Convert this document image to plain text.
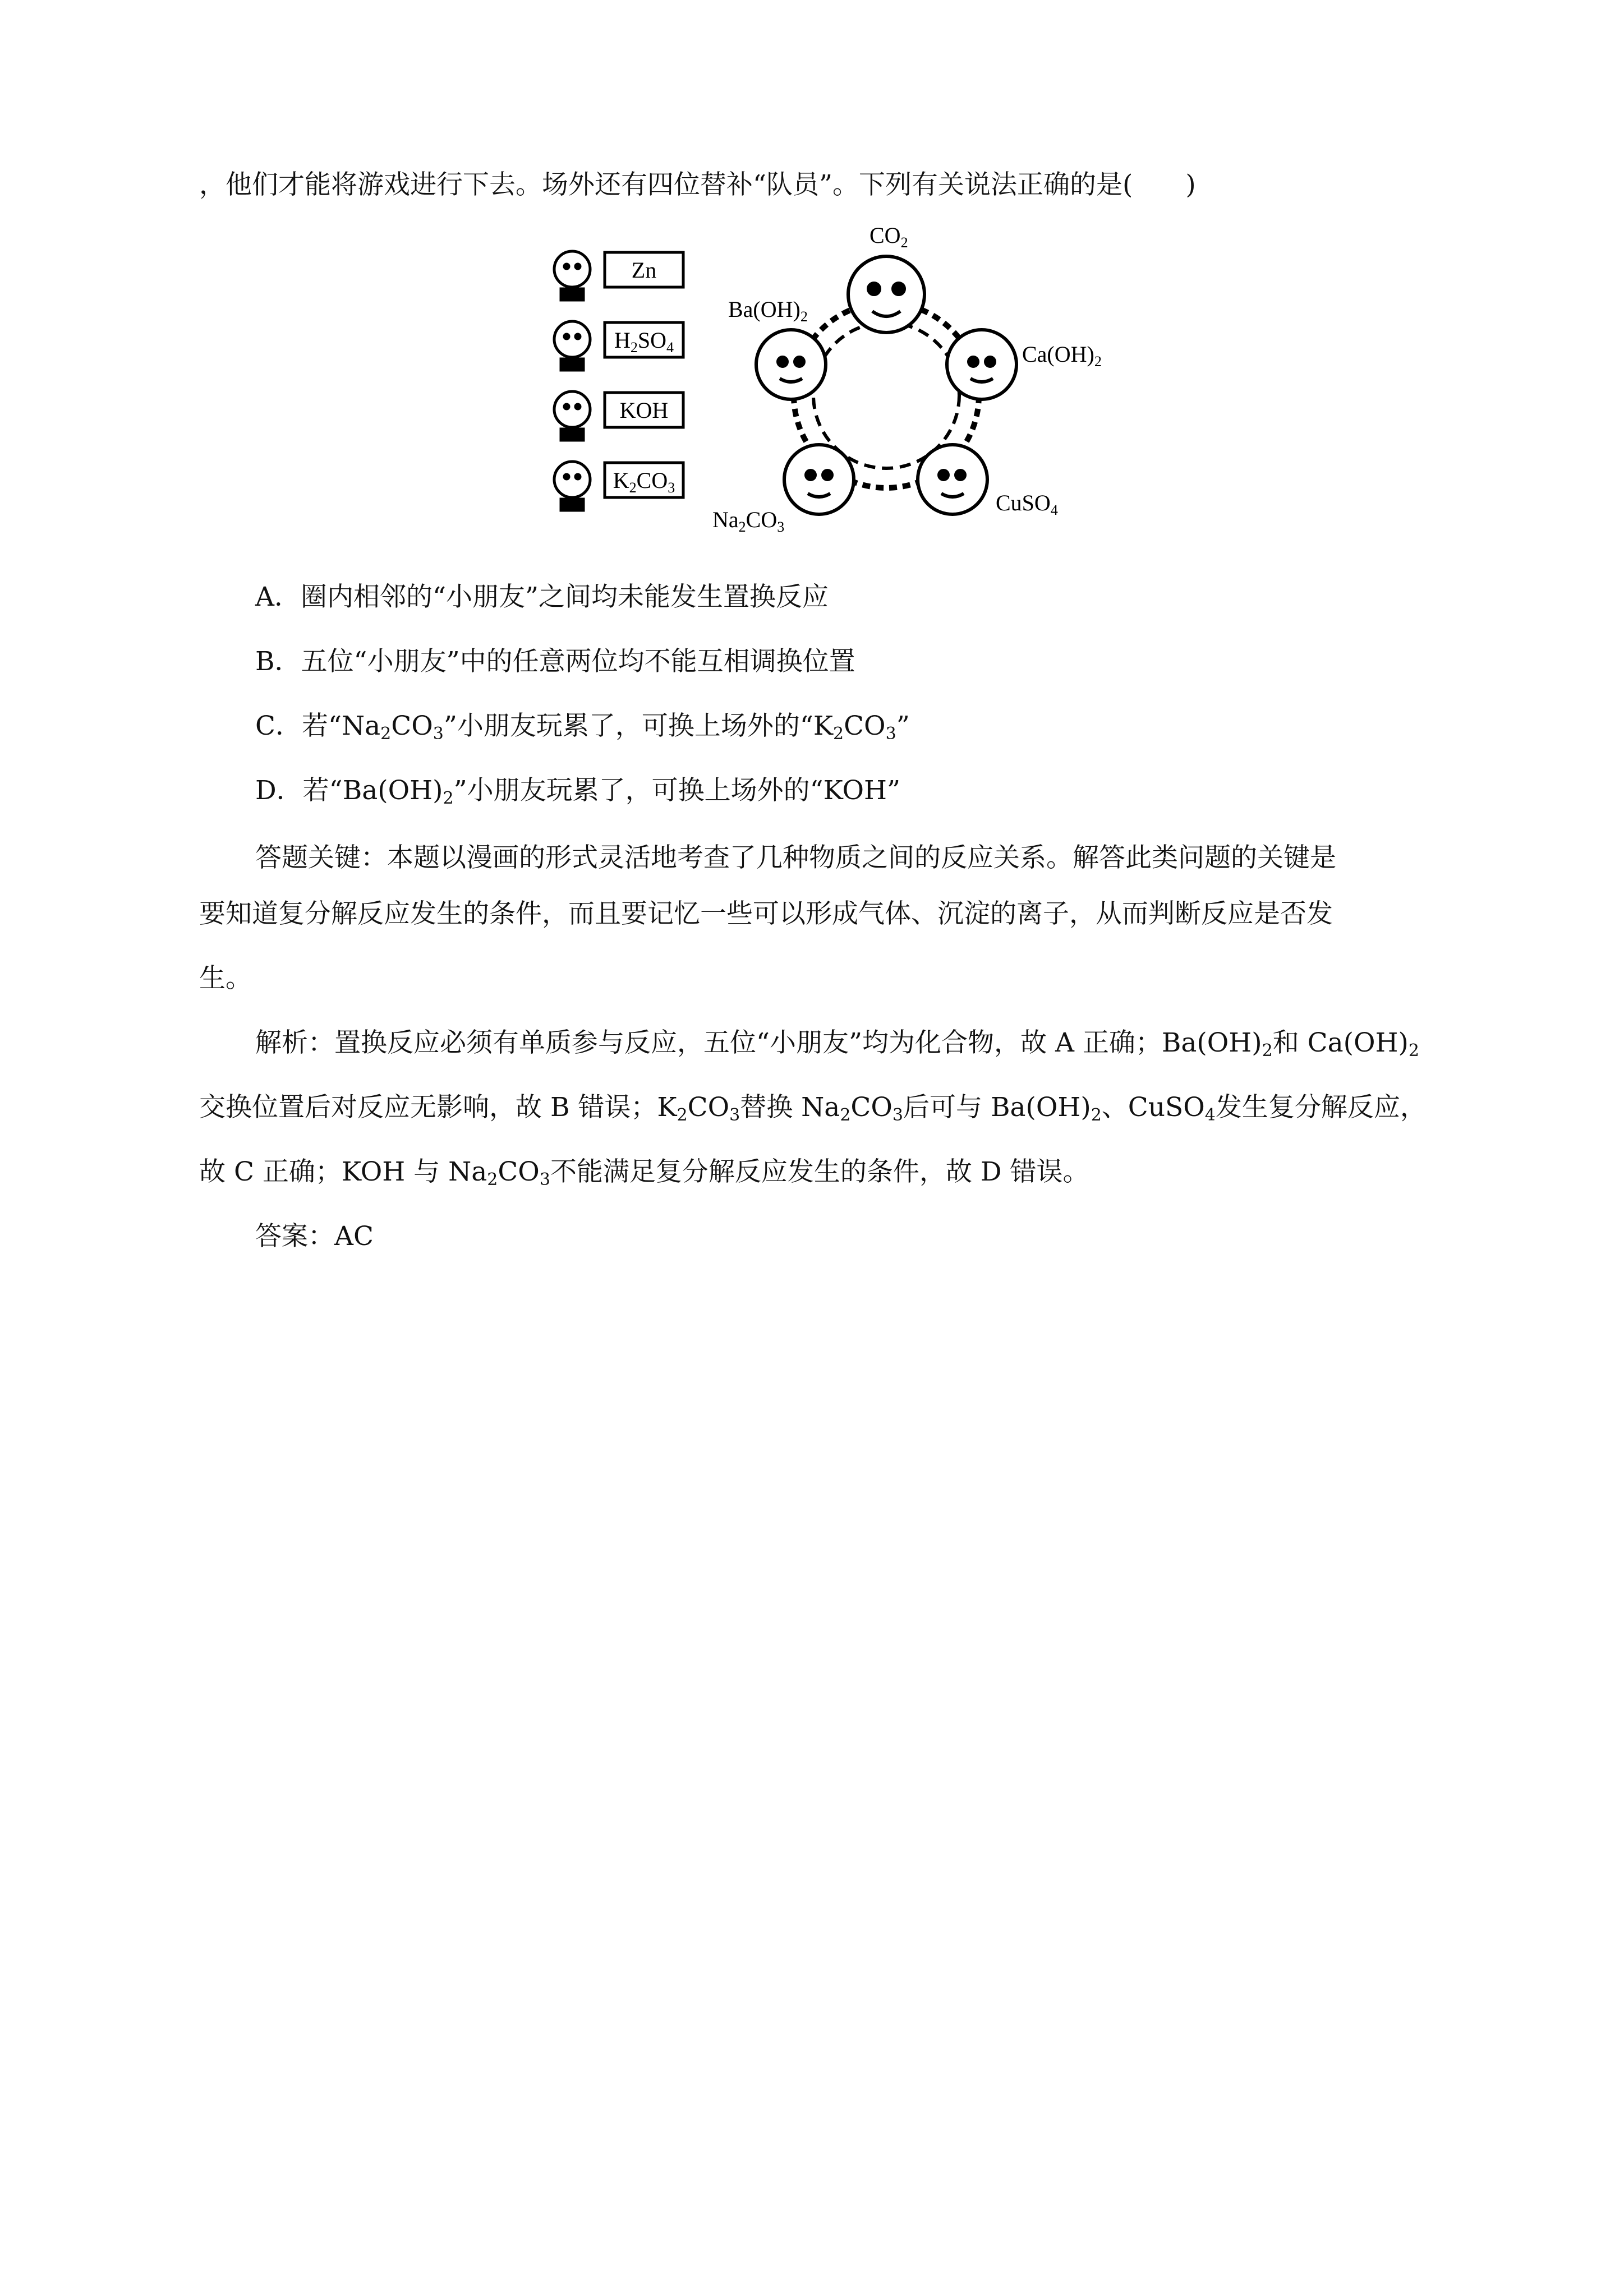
，他们才能将游戏进行下去。场外还有四位替补“队员”。下列有关说法正确的是(　　)
Zn
$H_2SO_4$
KOH
$K_2CO_3$
$CO_2$
$Ca(OH)_2$
CuSO$_4$
$Na_2CO_3$
$Ba(OH)_2$
A．圈内相邻的“小朋友”之间均未能发生置换反应
B．五位“小朋友”中的任意两位均不能互相调换位置
C．若“$Na_2CO_3$”小朋友玩累了，可换上场外的“$K_2CO_3$”
D．若“$Ba(OH)_2$”小朋友玩累了，可换上场外的“KOH”
答题关键：本题以漫画的形式灵活地考查了几种物质之间的反应关系。解答此类问题的关键是
要知道复分解反应发生的条件，而且要记忆一些可以形成气体、沉淀的离子，从而判断反应是否发
生。
解析：置换反应必须有单质参与反应，五位“小朋友”均为化合物，故 A 正确；$Ba(OH)_2$和 $Ca(OH)_2$
交换位置后对反应无影响，故 B 错误；$K_2CO_3$替换 $Na_2CO_3$后可与 $Ba(OH)_2$、CuSO$_4$发生复分解反应，
故 C 正确；KOH 与 $Na_2CO_3$不能满足复分解反应发生的条件，故 D 错误。
答案：AC
